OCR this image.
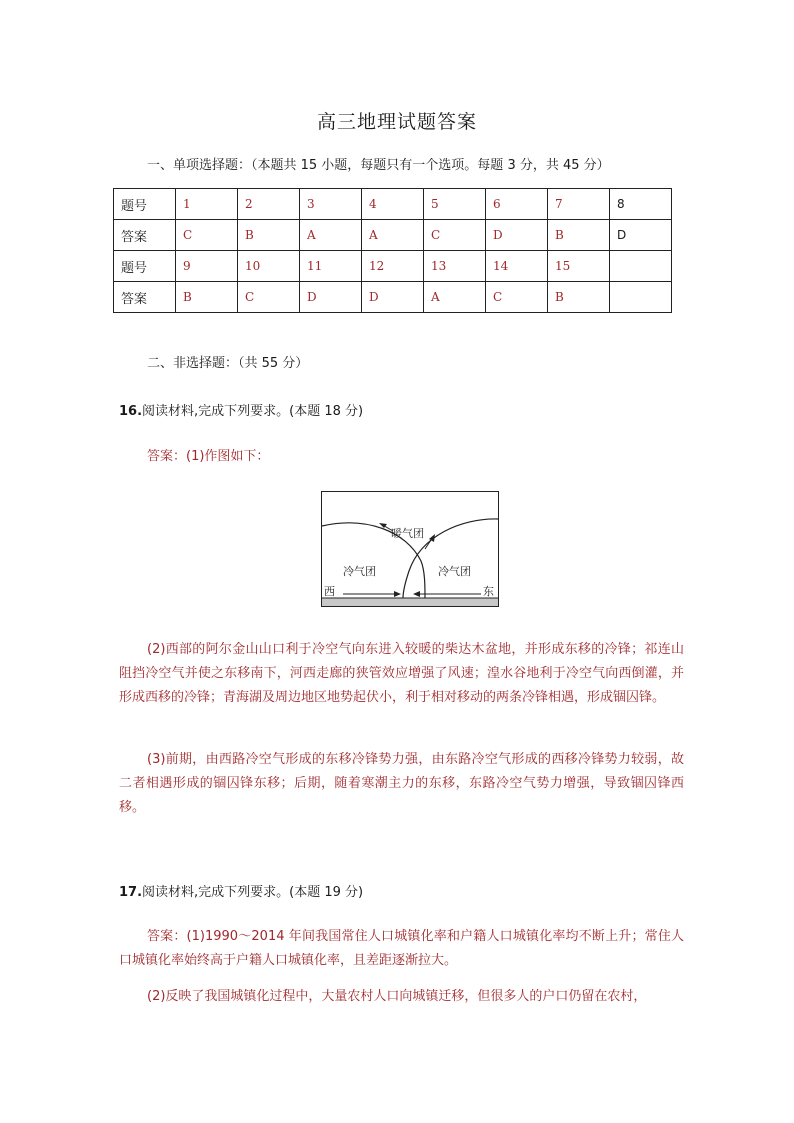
高三地理试题答案
一、单项选择题：（本题共 15 小题，每题只有一个选项。每题 3 分，共 45 分）
题号	1	2	3	4	5	6	7	8
答案	C	B	A	A	C	D	B	D
题号	9	10	11	12	13	14	15	
答案	B	C	D	D	A	C	B	
二、非选择题：（共 55 分）
16.阅读材料,完成下列要求。(本题 18 分)
答案：(1)作图如下：
暖气团
冷气团	冷气团
西	东
(2)西部的阿尔金山山口利于冷空气向东进入较暖的柴达木盆地，并形成东移的冷锋；祁连山阻挡冷空气并使之东移南下，河西走廊的狭管效应增强了风速；湟水谷地利于冷空气向西倒灌，并形成西移的冷锋；青海湖及周边地区地势起伏小，利于相对移动的两条冷锋相遇，形成锢囚锋。
(3)前期，由西路冷空气形成的东移冷锋势力强，由东路冷空气形成的西移冷锋势力较弱，故二者相遇形成的锢囚锋东移；后期，随着寒潮主力的东移，东路冷空气势力增强，导致锢囚锋西移。
17.阅读材料,完成下列要求。(本题 19 分)
答案：(1)1990～2014 年间我国常住人口城镇化率和户籍人口城镇化率均不断上升；常住人口城镇化率始终高于户籍人口城镇化率，且差距逐渐拉大。
(2)反映了我国城镇化过程中，大量农村人口向城镇迁移，但很多人的户口仍留在农村，
